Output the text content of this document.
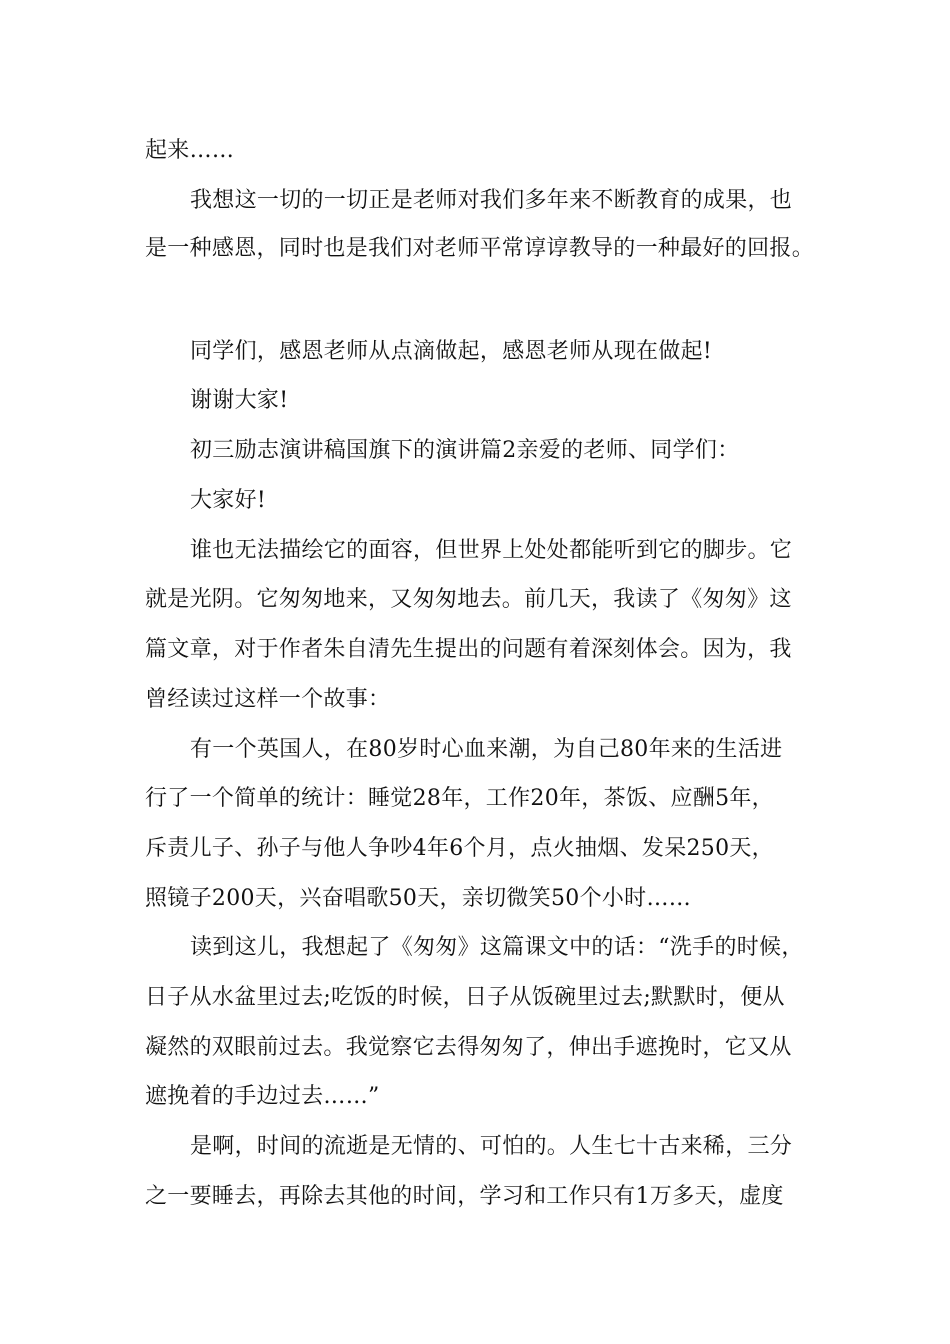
起来……
我想这一切的一切正是老师对我们多年来不断教育的成果，也
是一种感恩，同时也是我们对老师平常谆谆教导的一种最好的回报。
同学们，感恩老师从点滴做起，感恩老师从现在做起!
谢谢大家!
初三励志演讲稿国旗下的演讲篇2亲爱的老师、同学们：
大家好!
谁也无法描绘它的面容，但世界上处处都能听到它的脚步。它
就是光阴。它匆匆地来，又匆匆地去。前几天，我读了《匆匆》这
篇文章，对于作者朱自清先生提出的问题有着深刻体会。因为，我
曾经读过这样一个故事：
有一个英国人，在80岁时心血来潮，为自己80年来的生活进
行了一个简单的统计：睡觉28年，工作20年，茶饭、应酬5年，
斥责儿子、孙子与他人争吵4年6个月，点火抽烟、发呆250天，
照镜子200天，兴奋唱歌50天，亲切微笑50个小时……
读到这儿，我想起了《匆匆》这篇课文中的话：“洗手的时候，
日子从水盆里过去;吃饭的时候，日子从饭碗里过去;默默时，便从
凝然的双眼前过去。我觉察它去得匆匆了，伸出手遮挽时，它又从
遮挽着的手边过去……”
是啊，时间的流逝是无情的、可怕的。人生七十古来稀，三分
之一要睡去，再除去其他的时间，学习和工作只有1万多天，虚度
